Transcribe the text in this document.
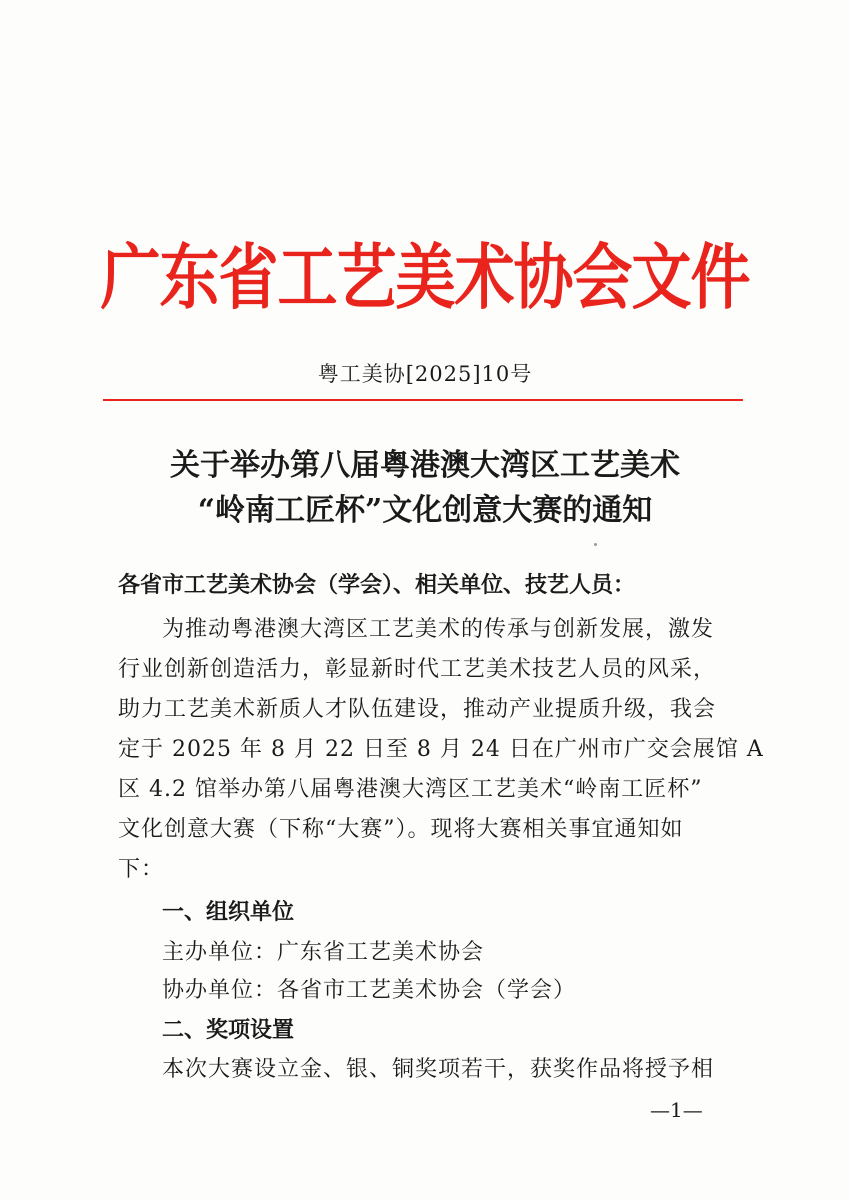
广东省工艺美术协会文件
粤工美协[2025]10号
关于举办第八届粤港澳大湾区工艺美术
“岭南工匠杯”文化创意大赛的通知
各省市工艺美术协会（学会）、相关单位、技艺人员：
为推动粤港澳大湾区工艺美术的传承与创新发展，激发
行业创新创造活力，彰显新时代工艺美术技艺人员的风采，
助力工艺美术新质人才队伍建设，推动产业提质升级，我会
定于 2025 年 8 月 22 日至 8 月 24 日在广州市广交会展馆 A
区 4.2 馆举办第八届粤港澳大湾区工艺美术“岭南工匠杯”
文化创意大赛（下称“大赛”）。现将大赛相关事宜通知如
下：
一、组织单位
主办单位：广东省工艺美术协会
协办单位：各省市工艺美术协会（学会）
二、奖项设置
本次大赛设立金、银、铜奖项若干，获奖作品将授予相
—1—
